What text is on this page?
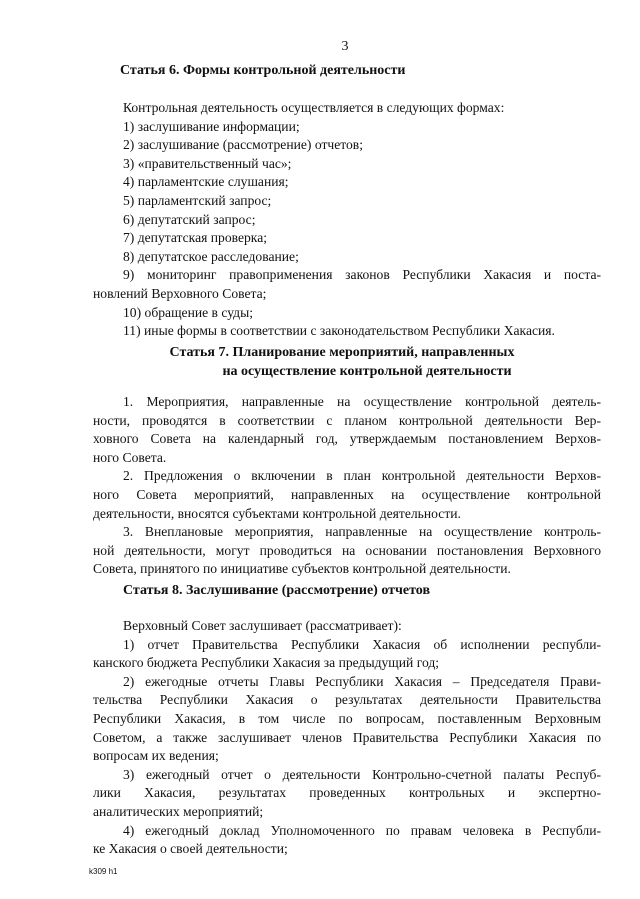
3
Статья 6. Формы контрольной деятельности

Контрольная деятельность осуществляется в следующих формах:

1) заслушивание информации;

2) заслушивание (рассмотрение) отчетов;

3) «правительственный час»;

4) парламентские слушания;

5) парламентский запрос;

6) депутатский запрос;

7) депутатская проверка;

8) депутатское расследование;

9) мониторинг правоприменения законов Республики Хакасия и поста-

новлений Верховного Совета;

10) обращение в суды;

11) иные формы в соответствии с законодательством Республики Хакасия.

Статья 7. Планирование мероприятий, направленных
на осуществление контрольной деятельности

1. Мероприятия, направленные на осуществление контрольной деятель-

ности, проводятся в соответствии с планом контрольной деятельности Вер-

ховного Совета на календарный год, утверждаемым постановлением Верхов-

ного Совета.

2. Предложения о включении в план контрольной деятельности Верхов-

ного Совета мероприятий, направленных на осуществление контрольной

деятельности, вносятся субъектами контрольной деятельности.

3. Внеплановые мероприятия, направленные на осуществление контроль-

ной деятельности, могут проводиться на основании постановления Верховного

Совета, принятого по инициативе субъектов контрольной деятельности.

Статья 8. Заслушивание (рассмотрение) отчетов

Верховный Совет заслушивает (рассматривает):

1) отчет Правительства Республики Хакасия об исполнении республи-

канского бюджета Республики Хакасия за предыдущий год;

2) ежегодные отчеты Главы Республики Хакасия – Председателя Прави-

тельства Республики Хакасия о результатах деятельности Правительства

Республики Хакасия, в том числе по вопросам, поставленным Верховным

Советом, а также заслушивает членов Правительства Республики Хакасия по

вопросам их ведения;

3) ежегодный отчет о деятельности Контрольно-счетной палаты Респуб-

лики Хакасия, результатах проведенных контрольных и экспертно-

аналитических мероприятий;

4) ежегодный доклад Уполномоченного по правам человека в Республи-

ке Хакасия о своей деятельности;

k309 h1
